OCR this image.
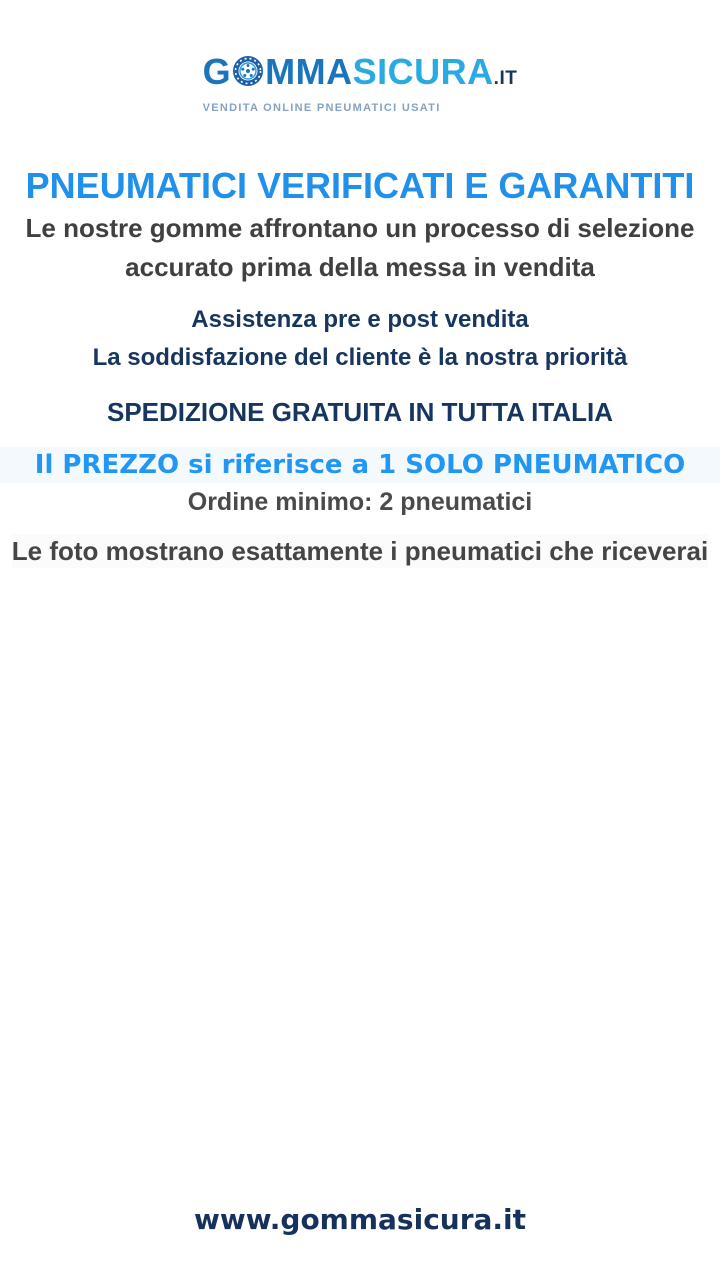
G MMASICURA.IT
VENDITA ONLINE PNEUMATICI USATI
PNEUMATICI VERIFICATI E GARANTITI
Le nostre gomme affrontano un processo di selezione
accurato prima della messa in vendita
Assistenza pre e post vendita
La soddisfazione del cliente è la nostra priorità
SPEDIZIONE GRATUITA IN TUTTA ITALIA
Il PREZZO si riferisce a 1 SOLO PNEUMATICO
Ordine minimo: 2 pneumatici
Le foto mostrano esattamente i pneumatici che riceverai
www.gommasicura.it
